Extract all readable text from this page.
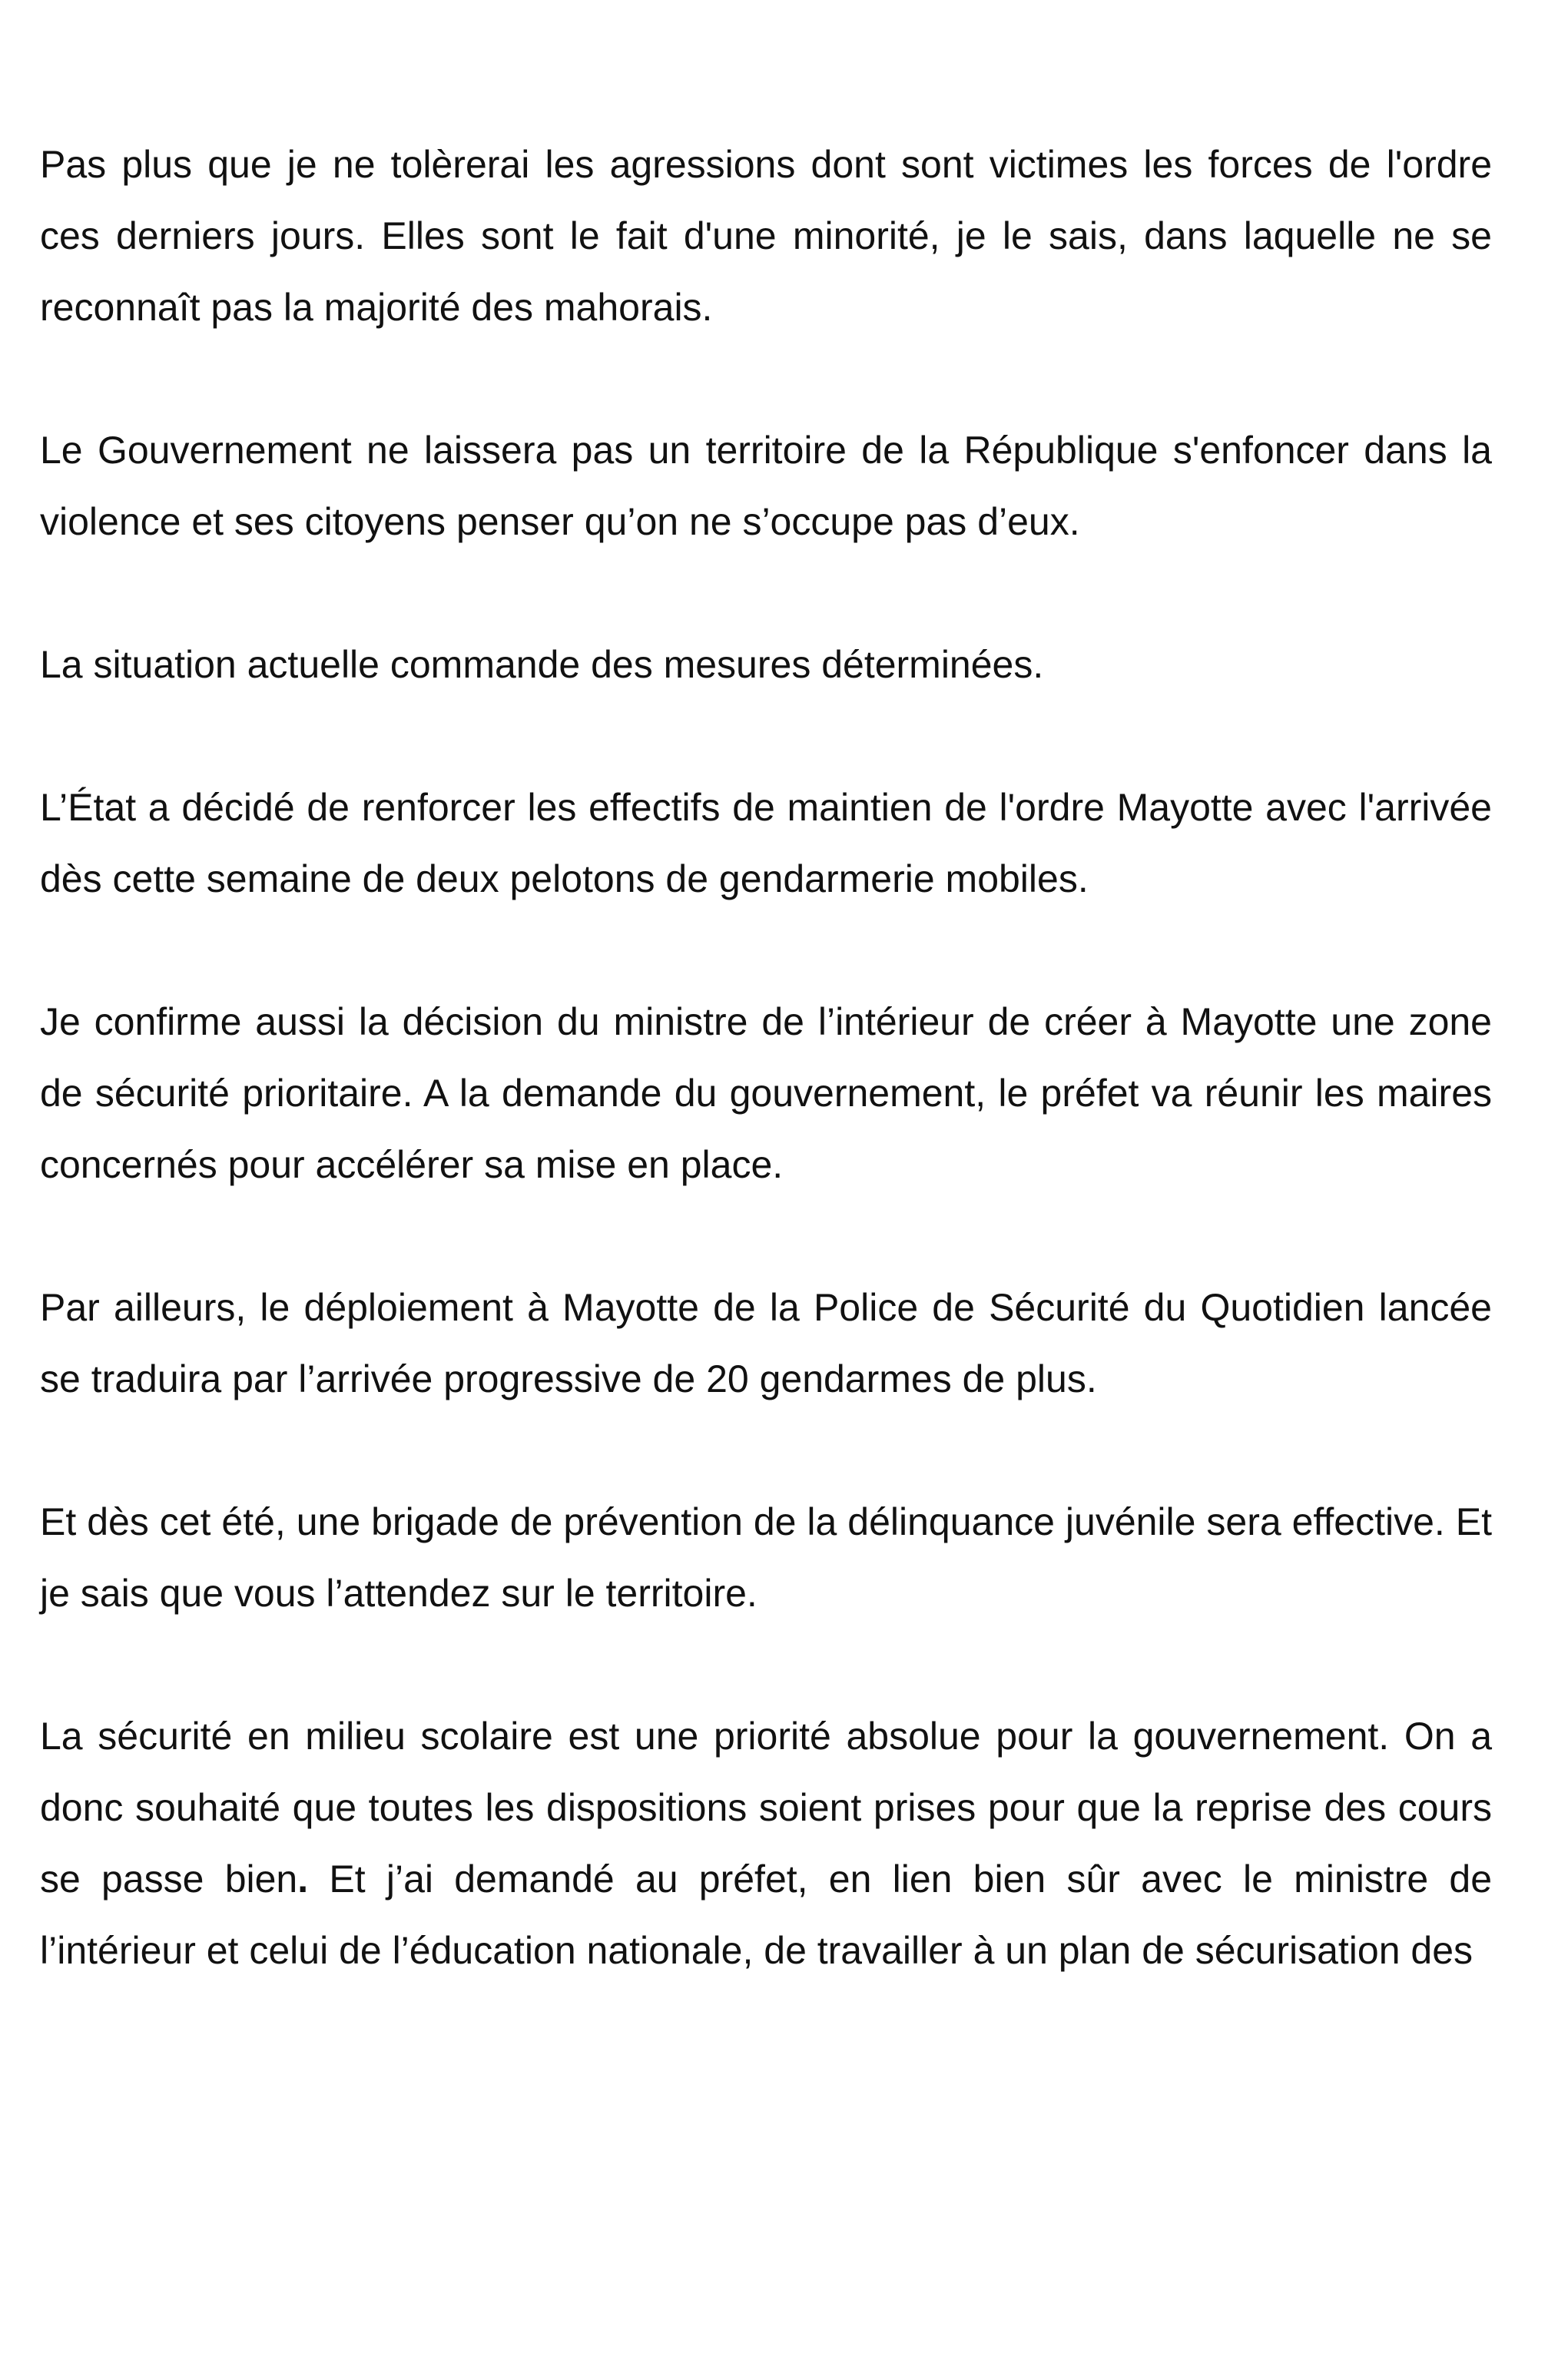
Pas plus que je ne tolèrerai les agressions dont sont victimes les forces de l'ordre ces derniers jours. Elles sont le fait d'une minorité, je le sais, dans laquelle ne se reconnaît pas la majorité des mahorais.

Le Gouvernement ne laissera pas un territoire de la République s'enfoncer dans la violence et ses citoyens penser qu’on ne s’occupe pas d’eux.

La situation actuelle commande des mesures déterminées.

L’État a décidé de renforcer les effectifs de maintien de l'ordre Mayotte avec l'arrivée dès cette semaine de deux pelotons de gendarmerie mobiles.

Je confirme aussi la décision du ministre de l’intérieur de créer à Mayotte une zone de sécurité prioritaire. A la demande du gouvernement, le préfet va réunir les maires concernés pour accélérer sa mise en place.

Par ailleurs, le déploiement à Mayotte de la Police de Sécurité du Quotidien lancée se traduira par l’arrivée progressive de 20 gendarmes de plus.

Et dès cet été, une brigade de prévention de la délinquance juvénile sera effective. Et je sais que vous l’attendez sur le territoire.

La sécurité en milieu scolaire est une priorité absolue pour la gouvernement. On a donc souhaité que toutes les dispositions soient prises pour que la reprise des cours se passe bien. Et j’ai demandé au préfet, en lien bien sûr avec le ministre de l’intérieur et celui de l’éducation nationale, de travailler à un plan de sécurisation des
